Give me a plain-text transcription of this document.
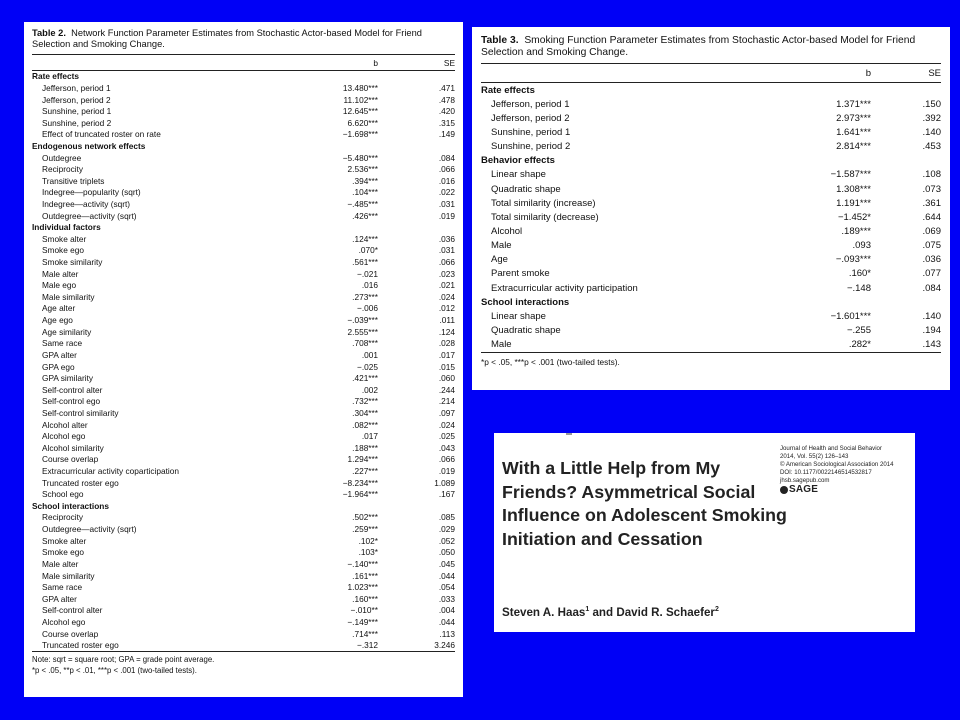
Table 2. Network Function Parameter Estimates from Stochastic Actor-based Model for Friend Selection and Smoking Change.
	b	SE
Rate effects		
Jefferson, period 1	13.480***	.471
Jefferson, period 2	11.102***	.478
Sunshine, period 1	12.645***	.420
Sunshine, period 2	6.620***	.315
Effect of truncated roster on rate	−1.698***	.149
Endogenous network effects		
Outdegree	−5.480***	.084
Reciprocity	2.536***	.066
Transitive triplets	.394***	.016
Indegree—popularity (sqrt)	.104***	.022
Indegree—activity (sqrt)	−.485***	.031
Outdegree—activity (sqrt)	.426***	.019
Individual factors		
Smoke alter	.124***	.036
Smoke ego	.070*	.031
Smoke similarity	.561***	.066
Male alter	−.021	.023
Male ego	.016	.021
Male similarity	.273***	.024
Age alter	−.006	.012
Age ego	−.039***	.011
Age similarity	2.555***	.124
Same race	.708***	.028
GPA alter	.001	.017
GPA ego	−.025	.015
GPA similarity	.421***	.060
Self-control alter	.002	.244
Self-control ego	.732***	.214
Self-control similarity	.304***	.097
Alcohol alter	.082***	.024
Alcohol ego	.017	.025
Alcohol similarity	.188***	.043
Course overlap	1.294***	.066
Extracurricular activity coparticipation	.227***	.019
Truncated roster ego	−8.234***	1.089
School ego	−1.964***	.167
School interactions		
Reciprocity	.502***	.085
Outdegree—activity (sqrt)	.259***	.029
Smoke alter	.102*	.052
Smoke ego	.103*	.050
Male alter	−.140***	.045
Male similarity	.161***	.044
Same race	1.023***	.054
GPA alter	.160***	.033
Self-control alter	−.010**	.004
Alcohol ego	−.149***	.044
Course overlap	.714***	.113
Truncated roster ego	−.312	3.246
Note: sqrt = square root; GPA = grade point average.
*p < .05, **p < .01, ***p < .001 (two-tailed tests).
Table 3. Smoking Function Parameter Estimates from Stochastic Actor-based Model for Friend Selection and Smoking Change.
	b	SE
Rate effects		
Jefferson, period 1	1.371***	.150
Jefferson, period 2	2.973***	.392
Sunshine, period 1	1.641***	.140
Sunshine, period 2	2.814***	.453
Behavior effects		
Linear shape	−1.587***	.108
Quadratic shape	1.308***	.073
Total similarity (increase)	1.191***	.361
Total similarity (decrease)	−1.452*	.644
Alcohol	.189***	.069
Male	.093	.075
Age	−.093***	.036
Parent smoke	.160*	.077
Extracurricular activity participation	−.148	.084
School interactions		
Linear shape	−1.601***	.140
Quadratic shape	−.255	.194
Male	.282*	.143
*p < .05, ***p < .001 (two-tailed tests).
With a Little Help from My Friends? Asymmetrical Social Influence on Adolescent Smoking Initiation and Cessation
Journal of Health and Social Behavior
2014, Vol. 55(2) 126–143
© American Sociological Association 2014
DOI: 10.1177/0022146514532817
jhsb.sagepub.com
SAGE
Steven A. Haas$^1$ and David R. Schaefer$^2$
